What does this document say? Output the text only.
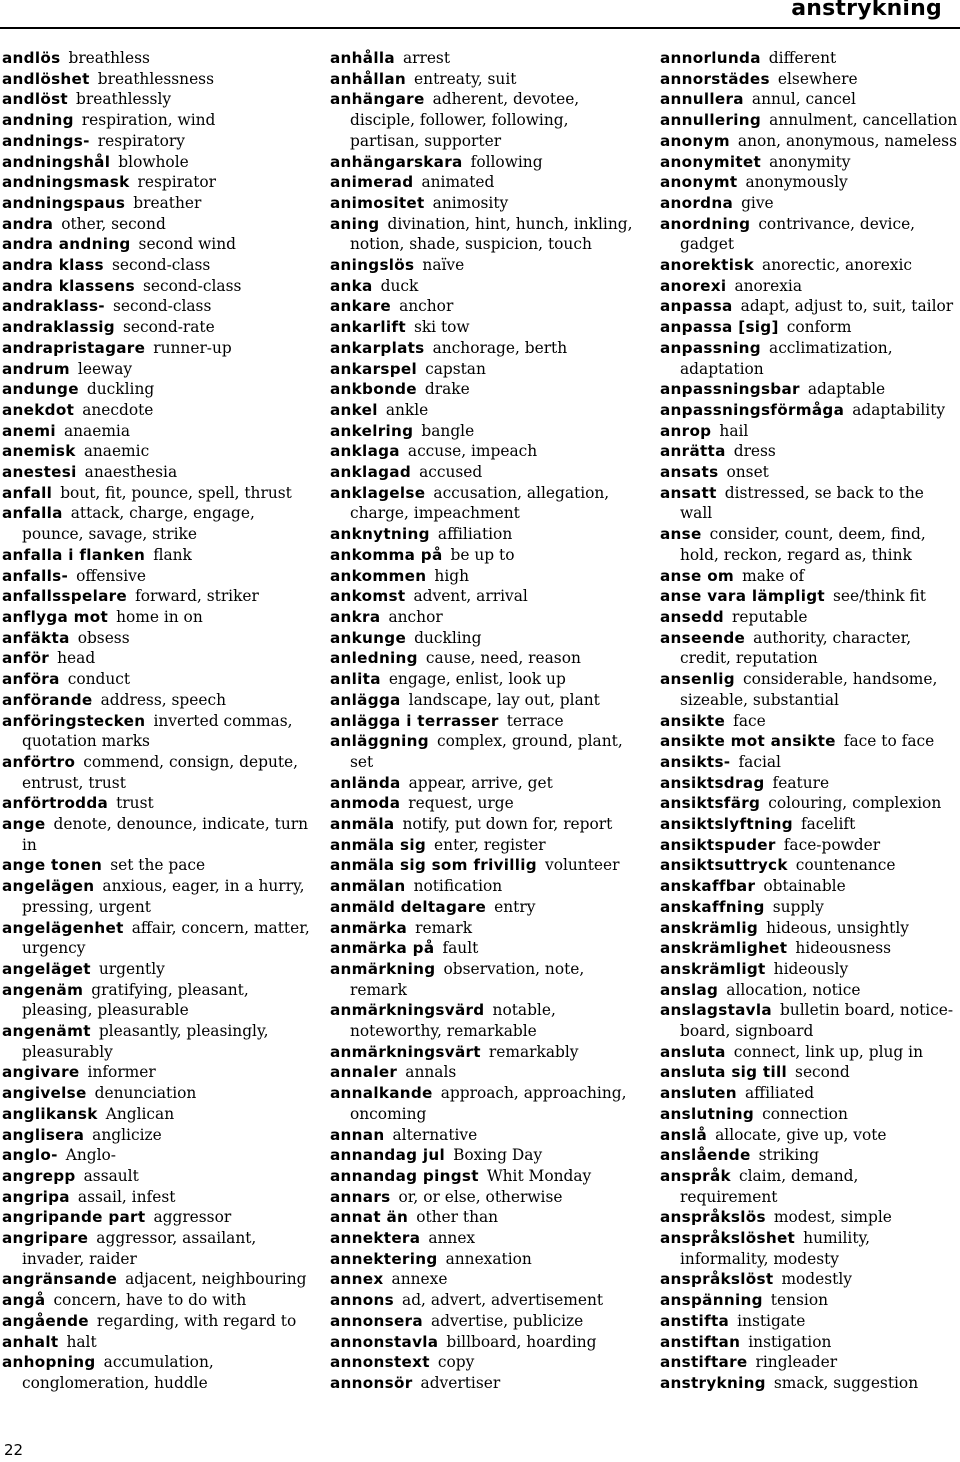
anstrykning

andlös breathless

andlöshet breathlessness

andlöst breathlessly

andning respiration, wind

andnings- respiratory

andningshål blowhole

andningsmask respirator

andningspaus breather

andra other, second

andra andning second wind

andra klass second-class

andra klassens second-class

andraklass- second-class

andraklassig second-rate

andrapristagare runner-up

andrum leeway

andunge duckling

anekdot anecdote

anemi anaemia

anemisk anaemic

anestesi anaesthesia

anfall bout, fit, pounce, spell, thrust

anfalla attack, charge, engage, pounce, savage, strike

anfalla i flanken flank

anfalls- offensive

anfallsspelare forward, striker

anflyga mot home in on

anfäkta obsess

anför head

anföra conduct

anförande address, speech

anföringstecken inverted commas, quotation marks

anförtro commend, consign, depute, entrust, trust

anförtrodda trust

ange denote, denounce, indicate, turn in

ange tonen set the pace

angelägen anxious, eager, in a hurry, pressing, urgent

angelägenhet affair, concern, matter, urgency

angeläget urgently

angenäm gratifying, pleasant, pleasing, pleasurable

angenämt pleasantly, pleasingly, pleasurably

angivare informer

angivelse denunciation

anglikansk Anglican

anglisera anglicize

anglo- Anglo-

angrepp assault

angripa assail, infest

angripande part aggressor

angripare aggressor, assailant, invader, raider

angränsande adjacent, neighbouring

angå concern, have to do with

angående regarding, with regard to

anhalt halt

anhopning accumulation, conglomeration, huddle

anhålla arrest

anhållan entreaty, suit

anhängare adherent, devotee, disciple, follower, following, partisan, supporter

anhängarskara following

animerad animated

animositet animosity

aning divination, hint, hunch, inkling, notion, shade, suspicion, touch

aningslös naïve

anka duck

ankare anchor

ankarlift ski tow

ankarplats anchorage, berth

ankarspel capstan

ankbonde drake

ankel ankle

ankelring bangle

anklaga accuse, impeach

anklagad accused

anklagelse accusation, allegation, charge, impeachment

anknytning affiliation

ankomma på be up to

ankommen high

ankomst advent, arrival

ankra anchor

ankunge duckling

anledning cause, need, reason

anlita engage, enlist, look up

anlägga landscape, lay out, plant

anlägga i terrasser terrace

anläggning complex, ground, plant, set

anlända appear, arrive, get

anmoda request, urge

anmäla notify, put down for, report

anmäla sig enter, register

anmäla sig som frivillig volunteer

anmälan notification

anmäld deltagare entry

anmärka remark

anmärka på fault

anmärkning observation, note, remark

anmärkningsvärd notable, noteworthy, remarkable

anmärkningsvärt remarkably

annaler annals

annalkande approach, approaching, oncoming

annan alternative

annandag jul Boxing Day

annandag pingst Whit Monday

annars or, or else, otherwise

annat än other than

annektera annex

annektering annexation

annex annexe

annons ad, advert, advertisement

annonsera advertise, publicize

annonstavla billboard, hoarding

annonstext copy

annonsör advertiser

annorlunda different

annorstädes elsewhere

annullera annul, cancel

annullering annulment, cancellation

anonym anon, anonymous, nameless

anonymitet anonymity

anonymt anonymously

anordna give

anordning contrivance, device, gadget

anorektisk anorectic, anorexic

anorexi anorexia

anpassa adapt, adjust to, suit, tailor

anpassa [sig] conform

anpassning acclimatization, adaptation

anpassningsbar adaptable

anpassningsförmåga adaptability

anrop hail

anrätta dress

ansats onset

ansatt distressed, se back to the wall

anse consider, count, deem, find, hold, reckon, regard as, think

anse om make of

anse vara lämpligt see/think fit

ansedd reputable

anseende authority, character, credit, reputation

ansenlig considerable, handsome, sizeable, substantial

ansikte face

ansikte mot ansikte face to face

ansikts- facial

ansiktsdrag feature

ansiktsfärg colouring, complexion

ansiktslyftning facelift

ansiktspuder face-powder

ansiktsuttryck countenance

anskaffbar obtainable

anskaffning supply

anskrämlig hideous, unsightly

anskrämlighet hideousness

anskrämligt hideously

anslag allocation, notice

anslagstavla bulletin board, notice-board, signboard

ansluta connect, link up, plug in

ansluta sig till second

ansluten affiliated

anslutning connection

anslå allocate, give up, vote

anslående striking

anspråk claim, demand, requirement

anspråkslös modest, simple

anspråkslöshet humility, informality, modesty

anspråkslöst modestly

anspänning tension

anstifta instigate

anstiftan instigation

anstiftare ringleader

anstrykning smack, suggestion

22
